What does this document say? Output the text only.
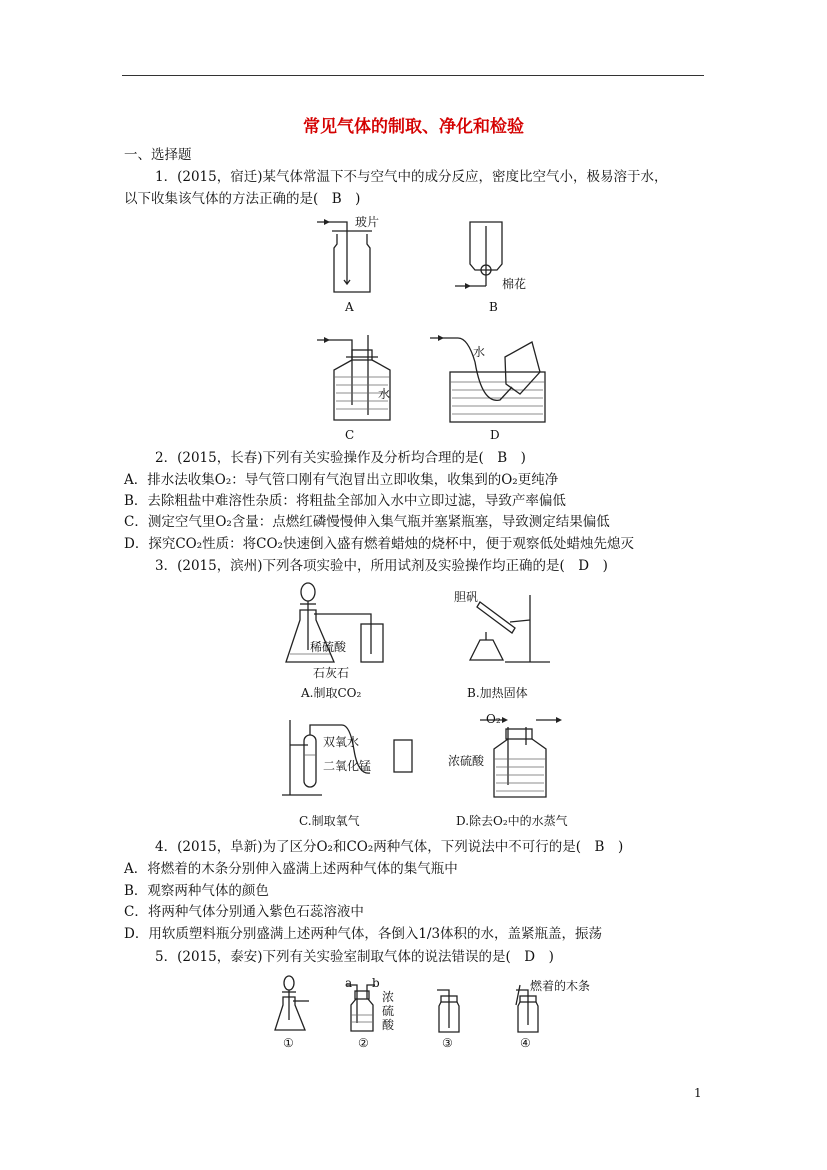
常见气体的制取、净化和检验
一、选择题
1．(2015，宿迁)某气体常温下不与空气中的成分反应，密度比空气小，极易溶于水，
以下收集该气体的方法正确的是(　B　)
玻片
A
棉花
B
水
C
水
D
2．(2015，长春)下列有关实验操作及分析均合理的是(　B　)
A．排水法收集O₂：导气管口刚有气泡冒出立即收集，收集到的O₂更纯净
B．去除粗盐中难溶性杂质：将粗盐全部加入水中立即过滤，导致产率偏低
C．测定空气里O₂含量：点燃红磷慢慢伸入集气瓶并塞紧瓶塞，导致测定结果偏低
D．探究CO₂性质：将CO₂快速倒入盛有燃着蜡烛的烧杯中，便于观察低处蜡烛先熄灭
3．(2015，滨州)下列各项实验中，所用试剂及实验操作均正确的是(　D　)
稀硫酸
石灰石
A.制取CO₂
胆矾
B.加热固体
双氧水
二氧化锰
C.制取氧气
O₂
浓硫酸
D.除去O₂中的水蒸气
4．(2015，阜新)为了区分O₂和CO₂两种气体，下列说法中不可行的是(　B　)
A．将燃着的木条分别伸入盛满上述两种气体的集气瓶中
B．观察两种气体的颜色
C．将两种气体分别通入紫色石蕊溶液中
D．用软质塑料瓶分别盛满上述两种气体，各倒入1/3体积的水，盖紧瓶盖，振荡
5．(2015，泰安)下列有关实验室制取气体的说法错误的是(　D　)
①
a b
浓硫酸
②	③
燃着的木条
④
1
